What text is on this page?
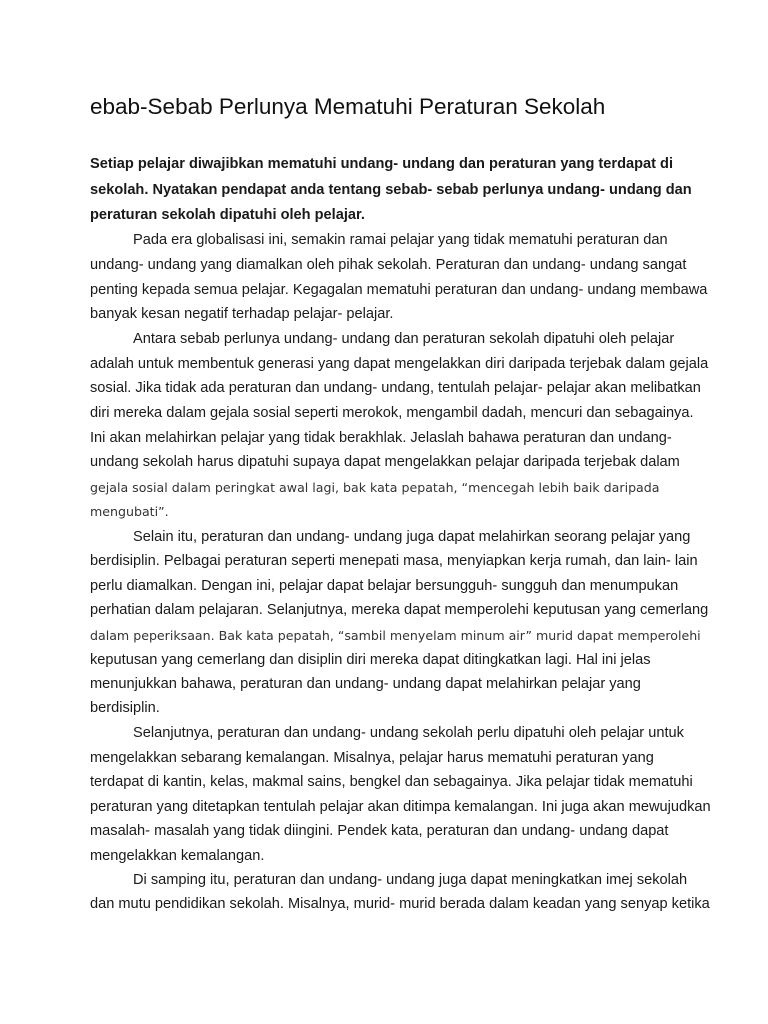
ebab-Sebab Perlunya Mematuhi Peraturan Sekolah
Setiap pelajar diwajibkan mematuhi undang- undang dan peraturan yang terdapat di
sekolah. Nyatakan pendapat anda tentang sebab- sebab perlunya undang- undang dan
peraturan sekolah dipatuhi oleh pelajar.
Pada era globalisasi ini, semakin ramai pelajar yang tidak mematuhi peraturan dan
undang- undang yang diamalkan oleh pihak sekolah. Peraturan dan undang- undang sangat
penting kepada semua pelajar. Kegagalan mematuhi peraturan dan undang- undang membawa
banyak kesan negatif terhadap pelajar- pelajar.
Antara sebab perlunya undang- undang dan peraturan sekolah dipatuhi oleh pelajar
adalah untuk membentuk generasi yang dapat mengelakkan diri daripada terjebak dalam gejala
sosial. Jika tidak ada peraturan dan undang- undang, tentulah pelajar- pelajar akan melibatkan
diri mereka dalam gejala sosial seperti merokok, mengambil dadah, mencuri dan sebagainya.
Ini akan melahirkan pelajar yang tidak berakhlak. Jelaslah bahawa peraturan dan undang-
undang sekolah harus dipatuhi supaya dapat mengelakkan pelajar daripada terjebak dalam
gejala sosial dalam peringkat awal lagi, bak kata pepatah, “mencegah lebih baik daripada
mengubati”.
Selain itu, peraturan dan undang- undang juga dapat melahirkan seorang pelajar yang
berdisiplin. Pelbagai peraturan seperti menepati masa, menyiapkan kerja rumah, dan lain- lain
perlu diamalkan. Dengan ini, pelajar dapat belajar bersungguh- sungguh dan menumpukan
perhatian dalam pelajaran. Selanjutnya, mereka dapat memperolehi keputusan yang cemerlang
dalam peperiksaan. Bak kata pepatah, “sambil menyelam minum air” murid dapat memperolehi
keputusan yang cemerlang dan disiplin diri mereka dapat ditingkatkan lagi. Hal ini jelas
menunjukkan bahawa, peraturan dan undang- undang dapat melahirkan pelajar yang
berdisiplin.
Selanjutnya, peraturan dan undang- undang sekolah perlu dipatuhi oleh pelajar untuk
mengelakkan sebarang kemalangan. Misalnya, pelajar harus mematuhi peraturan yang
terdapat di kantin, kelas, makmal sains, bengkel dan sebagainya. Jika pelajar tidak mematuhi
peraturan yang ditetapkan tentulah pelajar akan ditimpa kemalangan. Ini juga akan mewujudkan
masalah- masalah yang tidak diingini. Pendek kata, peraturan dan undang- undang dapat
mengelakkan kemalangan.
Di samping itu, peraturan dan undang- undang juga dapat meningkatkan imej sekolah
dan mutu pendidikan sekolah. Misalnya, murid- murid berada dalam keadan yang senyap ketika
